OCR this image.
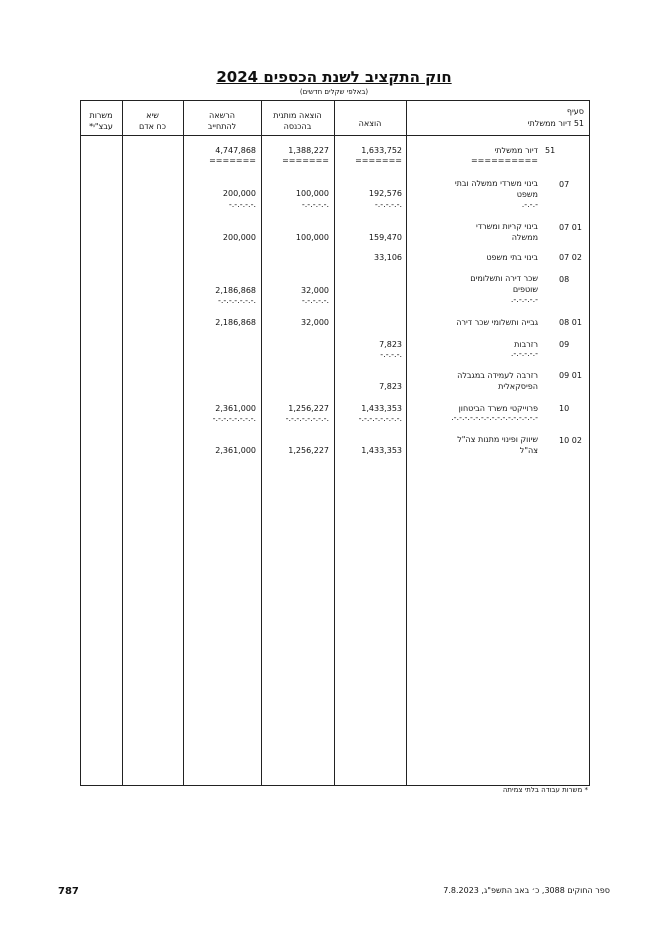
חוק התקציב לשנת הכספים 2024
(באלפי שקלים חדשים)
סעיף
51 דיור ממשלתי
הוצאה
הוצאה מותנית
בהכנסה
הרשאה
להתחייב
שיא
כח אדם
משרות
עבצ"י*
51
דיור ממשלתי
==========
1,633,752
=======
1,388,227
=======
4,747,868
=======
07
בינוי משרדי ממשלה ובתי
משפט
-.-.-.
192,576
-.-.-.-.-.
100,000
-.-.-.-.-.
200,000
-.-.-.-.-.
07 01
בינוי קריות ומשרדי
ממשלה
159,470
100,000
200,000
07 02
בינוי בתי משפט
33,106
08
שכר דירה ותשלומים
שוטפים
-.-.-.-.-.
32,000
-.-.-.-.-.
2,186,868
-.-.-.-.-.-.-.
08 01
גבייה ותשלומי שכר דירה
32,000
2,186,868
09
רזרבות
-.-.-.-.-.
7,823
-.-.-.-.
09 01
רזרבה לעמידה במגבלה
הפיסקאלית
7,823
10
פרוייקטי משרד הביטחון
-.-.-.-.-.-.-.-.-.-.-.-.-.-.-.-.
1,433,353
-.-.-.-.-.-.-.-.
1,256,227
-.-.-.-.-.-.-.-.
2,361,000
-.-.-.-.-.-.-.-.
10 02
שיווק ופינוי מתנות צה"ל
צה"ל
1,433,353
1,256,227
2,361,000
* משרות עבודה בלתי צמיתה
787	ספר החוקים 3088, כ׳ באב התשפ"ג, 7.8.2023
